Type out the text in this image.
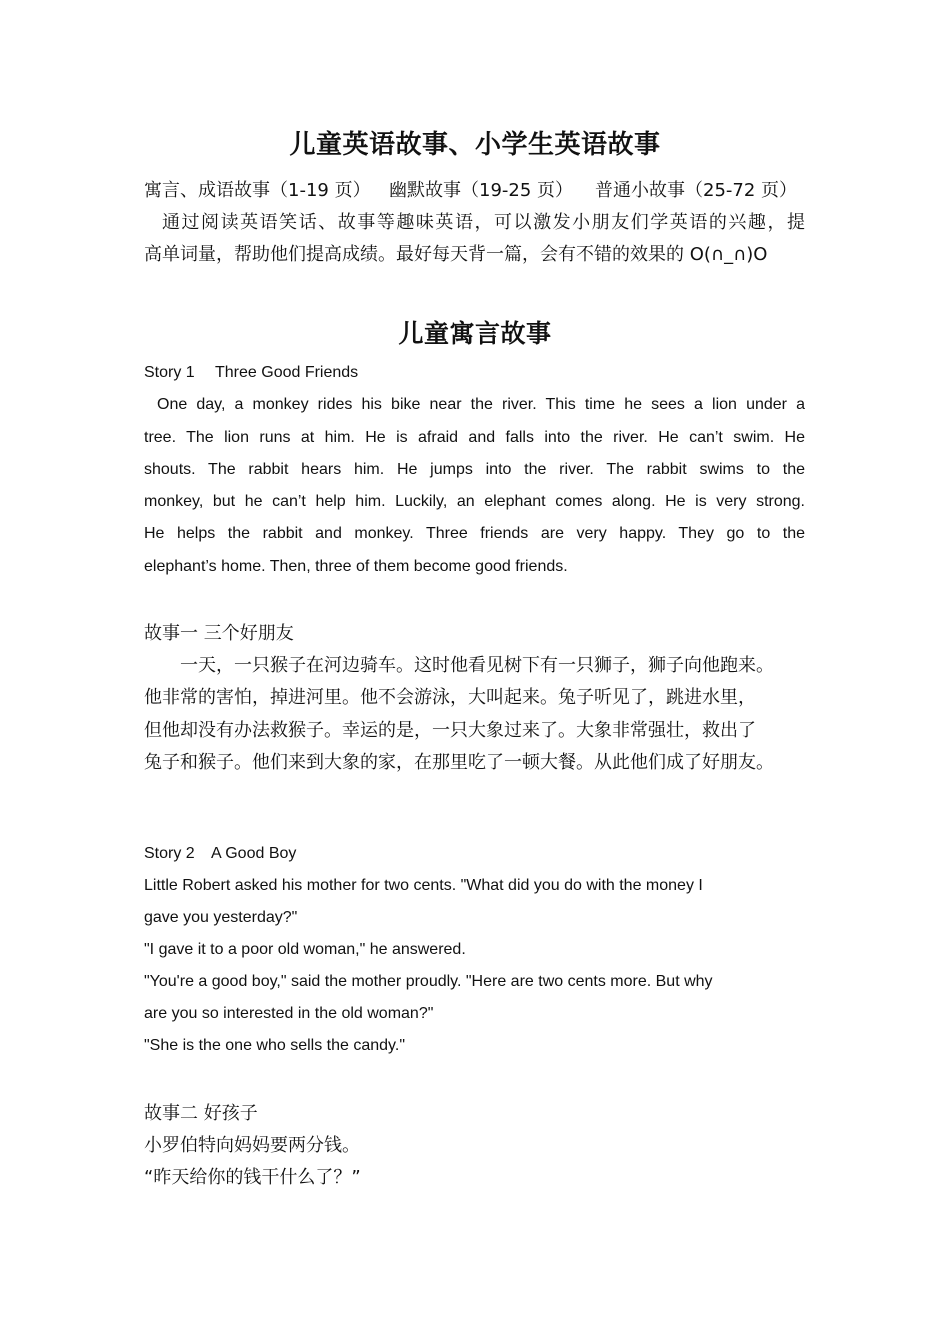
儿童英语故事、小学生英语故事
寓言、成语故事（1-19 页） 幽默故事（19-25 页） 普通小故事（25-72 页）
通过阅读英语笑话、故事等趣味英语，可以激发小朋友们学英语的兴趣，提
高单词量，帮助他们提高成绩。最好每天背一篇，会有不错的效果的 O(∩_∩)O
儿童寓言故事
Story 1 Three Good Friends
One day, a monkey rides his bike near the river. This time he sees a lion under a
tree. The lion runs at him. He is afraid and falls into the river. He can’t swim. He
shouts. The rabbit hears him. He jumps into the river. The rabbit swims to the
monkey, but he can’t help him. Luckily, an elephant comes along. He is very strong.
He helps the rabbit and monkey. Three friends are very happy. They go to the
elephant’s home. Then, three of them become good friends.
故事一 三个好朋友
一天，一只猴子在河边骑车。这时他看见树下有一只狮子，狮子向他跑来。
他非常的害怕，掉进河里。他不会游泳，大叫起来。兔子听见了，跳进水里，
但他却没有办法救猴子。幸运的是，一只大象过来了。大象非常强壮，救出了
兔子和猴子。他们来到大象的家，在那里吃了一顿大餐。从此他们成了好朋友。
Story 2 A Good Boy
Little Robert asked his mother for two cents. "What did you do with the money I
gave you yesterday?"
"I gave it to a poor old woman," he answered.
"You're a good boy," said the mother proudly. "Here are two cents more. But why
are you so interested in the old woman?"
"She is the one who sells the candy."
故事二 好孩子
小罗伯特向妈妈要两分钱。
“昨天给你的钱干什么了？”
